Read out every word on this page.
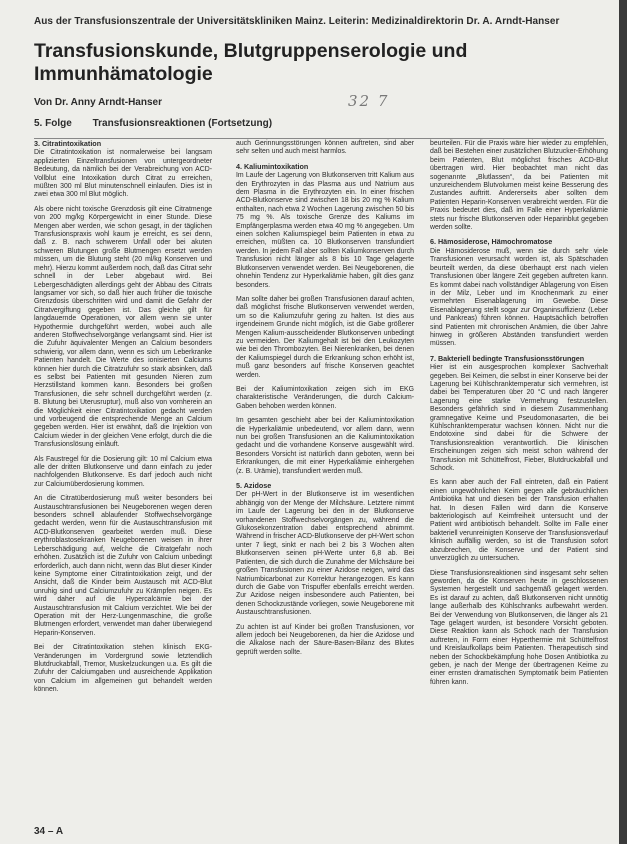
Aus der Transfusionszentrale der Universitätskliniken Mainz. Leiterin: Medizinaldirektorin Dr. A. Arndt-Hanser
Transfusionskunde, Blutgruppenserologie und Immunhämatologie
Von Dr. Anny Arndt-Hanser	32 7
5. Folge Transfusionsreaktionen (Fortsetzung)
3. Citratintoxikation

Die Citratintoxikation ist normalerweise bei langsam applizierten Einzeltransfusionen von untergeordneter Bedeutung, da nämlich bei der Verabreichung von ACD-Vollblut eine Intoxikation durch Citrat zu erreichen, müßten 300 ml Blut minutenschnell einlaufen. Dies ist in zwei etwa 300 ml Blut möglich.

Als obere nicht toxische Grenzdosis gilt eine Citratmenge von 200 mg/kg Körpergewicht in einer Stunde. Diese Mengen aber werden, wie schon gesagt, in der täglichen Transfusionspraxis wohl kaum je erreicht, es sei denn, daß z. B. nach schwerem Unfall oder bei akuten schweren Blutungen große Blutmengen ersetzt werden müssen, um die Blutung steht (20 ml/kg Konserven und mehr). Hierzu kommt außerdem noch, daß das Citrat sehr schnell in der Leber abgebaut wird. Bei Lebergeschädigten allerdings geht der Abbau des Citrats langsamer vor sich, so daß hier auch früher die toxische Grenzdosis überschritten wird und damit die Gefahr der Citratvergiftung gegeben ist. Das gleiche gilt für langdauernde Operationen, vor allem wenn sie unter Hypothermie durchgeführt werden, wobei auch alle anderen Stoffwechselvorgänge verlangsamt sind. Hier ist die Zufuhr äquivalenter Mengen an Calcium besonders schwierig, vor allem dann, wenn es sich um Leberkranke Patienten handelt. Die Werte des ionisierten Calciums können hier durch die Citratzufuhr so stark absinken, daß es selbst bei Patienten mit gesunden Nieren zum Herzstillstand kommen kann. Besonders bei großen Transfusionen, die sehr schnell durchgeführt werden (z. B. Blutung bei Uterusruptur), muß also von vornherein an die Möglichkeit einer Citratintoxikation gedacht werden und vorbeugend die entsprechende Menge an Calcium gegeben werden. Hier ist erwähnt, daß die Injektion von Calcium wieder in der gleichen Vene erfolgt, durch die die Transfusionslösung einläuft.

Als Faustregel für die Dosierung gilt: 10 ml Calcium etwa alle der dritten Blutkonserve und dann einfach zu jeder nachfolgenden Blutkonserve. Es darf jedoch auch nicht zur Calciumüberdosierung kommen.

An die Citratüberdosierung muß weiter besonders bei Austauschtransfusionen bei Neugeborenen wegen deren besonders schnell ablaufender Stoffwechselvorgänge gedacht werden, wenn für die Austauschtransfusion mit ACD-Blutkonserven gearbeitet werden muß. Diese erythroblastosekranken Neugeborenen weisen in ihrer Leberschädigung auf, welche die Citratgefahr noch erhöhen. Zusätzlich ist die Zufuhr von Calcium unbedingt erforderlich, auch dann nicht, wenn das Blut dieser Kinder keine Symptome einer Citratintoxikation zeigt, und der Ansicht, daß die Kinder beim Austausch mit ACD-Blut unruhig sind und Calciumzufuhr zu Krämpfen neigen. Es wird daher auf die Hypercalcämie bei der Austauschtransfusion mit Calcium verzichtet. Wie bei der Operation mit der Herz-Lungenmaschine, die große Blutmengen erfordert, verwendet man daher überwiegend Heparin-Konserven.

Bei der Citratintoxikation stehen klinisch EKG-Veränderungen im Vordergrund sowie letztendlich Blutdruckabfall, Tremor, Muskelzuckungen u.a. Es gilt die Zufuhr der Calciumgaben und ausreichende Applikation von Calcium im allgemeinen gut behandelt werden können.

auch Gerinnungsstörungen können auftreten, sind aber sehr selten und auch meist harmlos.

4. Kaliumintoxikation

Im Laufe der Lagerung von Blutkonserven tritt Kalium aus den Erythrozyten in das Plasma aus und Natrium aus dem Plasma in die Erythrozyten ein. In einer frischen ACD-Blutkonserve sind zwischen 18 bis 20 mg % Kalium enthalten, nach etwa 2 Wochen Lagerung zwischen 50 bis 75 mg %. Als toxische Grenze des Kaliums im Empfängerplasma werden etwa 40 mg % angegeben. Um einen solchen Kaliumspiegel beim Patienten in etwa zu erreichen, müßten ca. 10 Blutkonserven transfundiert werden. In jedem Fall aber sollten Kaliumkonserven durch Transfusion nicht länger als 8 bis 10 Tage gelagerte Blutkonserven verwendet werden. Bei Neugeborenen, die ohnehin Tendenz zur Hyperkaliämie haben, gilt dies ganz besonders.

Man sollte daher bei großen Transfusionen darauf achten, daß möglichst frische Blutkonserven verwendet werden, um so die Kaliumzufuhr gering zu halten. Ist dies aus irgendeinem Grunde nicht möglich, ist die Gabe größerer Mengen Kalium-ausscheidender Blutkonserven unbedingt zu vermeiden. Der Kaliumgehalt ist bei den Leukozyten wie bei den Thrombozyten. Bei Nierenkranken, bei denen der Kaliumspiegel durch die Erkrankung schon erhöht ist, muß ganz besonders auf frische Konserven geachtet werden.

Bei der Kaliumintoxikation zeigen sich im EKG charakteristische Veränderungen, die durch Calcium-Gaben behoben werden können.

Im gesamten geschieht aber bei der Kaliumintoxikation die Hyperkaliämie unbedeutend, vor allem dann, wenn nun bei großen Transfusionen an die Kaliumintoxikation gedacht und die vorhandene Konserve ausgewählt wird. Besonders Vorsicht ist natürlich dann geboten, wenn bei Erkrankungen, die mit einer Hyperkaliämie einhergehen (z. B. Urämie), transfundiert werden muß.

5. Azidose

Der pH-Wert in der Blutkonserve ist im wesentlichen abhängig von der Menge der Milchsäure. Letztere nimmt im Laufe der Lagerung bei den in der Blutkonserve vorhandenen Stoffwechselvorgängen zu, während die Glukosekonzentration dabei entsprechend abnimmt. Während in frischer ACD-Blutkonserve der pH-Wert schon unter 7 liegt, sinkt er nach bei 2 bis 3 Wochen alten Blutkonserven seinen pH-Werte unter 6,8 ab. Bei Patienten, die sich durch die Zunahme der Milchsäure bei großen Transfusionen zu einer Azidose neigen, wird das Natriumbicarbonat zur Korrektur herangezogen. Es kann durch die Gabe von Trispuffer ebenfalls erreicht werden. Zur Azidose neigen insbesondere auch Patienten, bei denen Schockzustände vorliegen, sowie Neugeborene mit Austauschtransfusionen.

Zu achten ist auf Kinder bei großen Transfusionen, vor allem jedoch bei Neugeborenen, da hier die Azidose und die Alkalose nach der Säure-Basen-Bilanz des Blutes geprüft werden sollte.

beurteilen. Für die Praxis wäre hier wieder zu empfehlen, daß bei Bestehen einer zusätzlichen Blutzucker-Erhöhung beim Patienten, Blut möglichst frisches ACD-Blut übertragen wird. Hier beobachtet man nicht das sogenannte „Blutlassen“, da bei Patienten mit unzureichendem Blutvolumen meist keine Besserung des Zustandes auftritt. Andererseits aber sollten dem Patienten Heparin-Konserven verabreicht werden. Für die Praxis bedeutet dies, daß im Falle einer Hyperkaliämie stets nur frische Blutkonserven oder Heparinblut gegeben werden sollte.

6. Hämosiderose, Hämochromatose

Die Hämosiderose muß, wenn sie durch sehr viele Transfusionen verursacht worden ist, als Spätschaden beurteilt werden, da diese überhaupt erst nach vielen Transfusionen über längere Zeit gegeben auftreten kann. Es kommt dabei nach vollständiger Ablagerung von Eisen in der Milz, Leber und im Knochenmark zu einer vermehrten Eisenablagerung im Gewebe. Diese Eisenablagerung stellt sogar zur Organinsuffizienz (Leber und Pankreas) führen können. Hauptsächlich betroffen sind Patienten mit chronischen Anämien, die über Jahre hinweg in größeren Abständen transfundiert werden müssen.

7. Bakteriell bedingte Transfusionsstörungen

Hier ist ein ausgesprochen komplexer Sachverhalt gegeben. Bei Keimen, die selbst in einer Konserve bei der Lagerung bei Kühlschranktemperatur sich vermehren, ist dabei bei Temperaturen über 20 °C und nach längerer Lagerung eine starke Vermehrung festzustellen. Besonders gefährlich sind in diesem Zusammenhang gramnegative Keime und Pseudomonasarten, die bei Kühlschranktemperatur wachsen können. Nicht nur die Endotoxine sind dabei für die Schwere der Transfusionsreaktion verantwortlich. Die klinischen Erscheinungen zeigen sich meist schon während der Transfusion mit Schüttelfrost, Fieber, Blutdruckabfall und Schock.

Es kann aber auch der Fall eintreten, daß ein Patient einen ungewöhnlichen Keim gegen alle gebräuchlichen Antibiotika hat und diesen bei der Transfusion erhalten hat. In diesen Fällen wird dann die Konserve bakteriologisch auf Keimfreiheit untersucht und der Patient wird antibiotisch behandelt. Sollte im Falle einer bakteriell verunreinigten Konserve der Transfusionsverlauf klinisch auffällig werden, so ist die Transfusion sofort abzubrechen, die Konserve und der Patient sind unverzüglich zu untersuchen.

Diese Transfusionsreaktionen sind insgesamt sehr selten geworden, da die Konserven heute in geschlossenen Systemen hergestellt und sachgemäß gelagert werden. Es ist darauf zu achten, daß Blutkonserven nicht unnötig lange außerhalb des Kühlschranks aufbewahrt werden. Bei der Verwendung von Blutkonserven, die länger als 21 Tage gelagert wurden, ist besondere Vorsicht geboten. Diese Reaktion kann als Schock nach der Transfusion auftreten, in Form einer Hyperthermie mit Schüttelfrost und Kreislaufkollaps beim Patienten. Therapeutisch sind neben der Schockbekämpfung hohe Dosen Antibiotika zu geben, je nach der Menge der übertragenen Keime zu einer ernsten dramatischen Symptomatik beim Patienten führen kann.

34 – A
